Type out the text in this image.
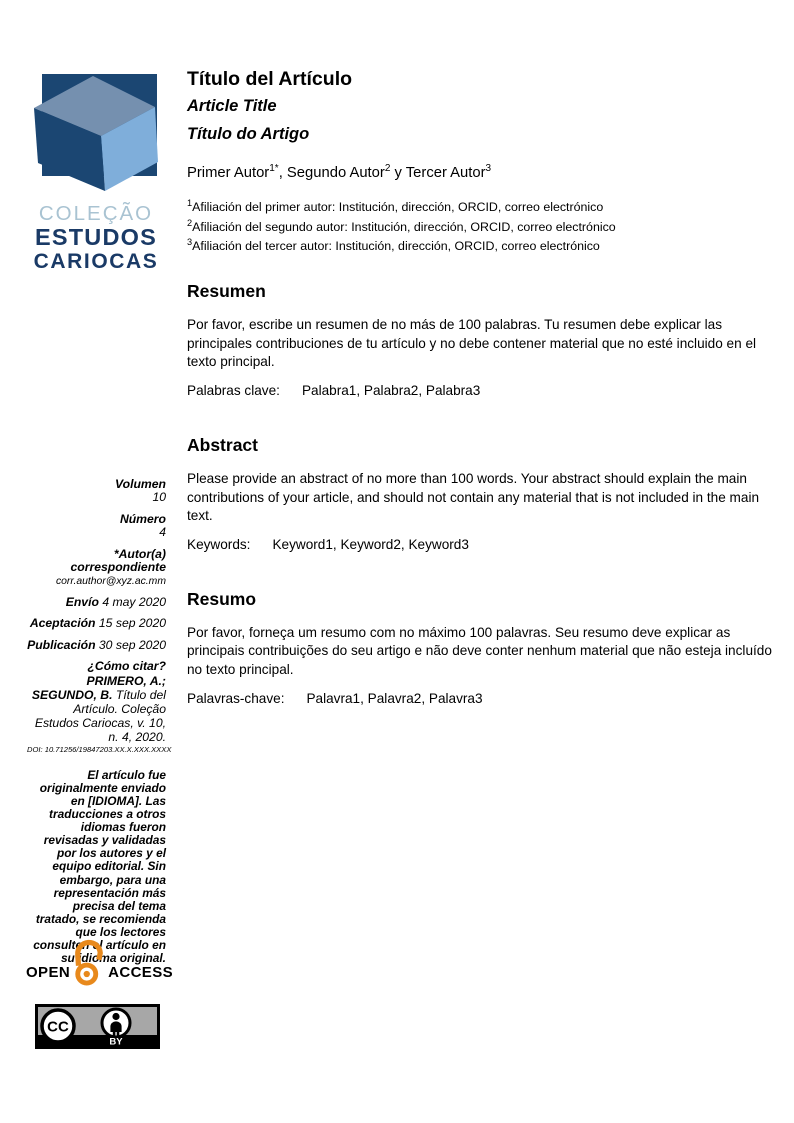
COLEÇÃO
ESTUDOS
CARIOCAS
Título del Artículo
Article Title
Título do Artigo
Primer Autor$^{1*}$, Segundo Autor$^2$ y Tercer Autor$^3$
$^1$Afiliación del primer autor: Institución, dirección, ORCID, correo electrónico
$^2$Afiliación del segundo autor: Institución, dirección, ORCID, correo electrónico
$^3$Afiliación del tercer autor: Institución, dirección, ORCID, correo electrónico
Resumen

Por favor, escribe un resumen de no más de 100 palabras. Tu resumen debe explicar las principales contribuciones de tu artículo y no debe contener material que no esté incluido en el texto principal.

Palabras clave: Palabra1, Palabra2, Palabra3
Abstract

Please provide an abstract of no more than 100 words. Your abstract should explain the main contributions of your article, and should not contain any material that is not included in the main text.

Keywords: Keyword1, Keyword2, Keyword3
Resumo

Por favor, forneça um resumo com no máximo 100 palavras. Seu resumo deve explicar as principais contribuições do seu artigo e não deve conter nenhum material que não esteja incluído no texto principal.

Palavras-chave: Palavra1, Palavra2, Palavra3
Volumen
10
Número
4
*Autor(a)
correspondiente
corr.author@xyz.ac.mm
Envío 4 may 2020
Aceptación 15 sep 2020
Publicación 30 sep 2020
¿Cómo citar?
PRIMERO, A.; SEGUNDO, B. Título del Artículo. Coleção Estudos Cariocas, v. 10, n. 4, 2020.
DOI: 10.71256/19847203.XX.X.XXX.XXXX
El artículo fue originalmente enviado en [IDIOMA]. Las traducciones a otros idiomas fueron revisadas y validadas por los autores y el equipo editorial. Sin embargo, para una representación más precisa del tema tratado, se recomienda que los lectores consulten el artículo en su idioma original.
OPEN	ACCESS
CC
BY
